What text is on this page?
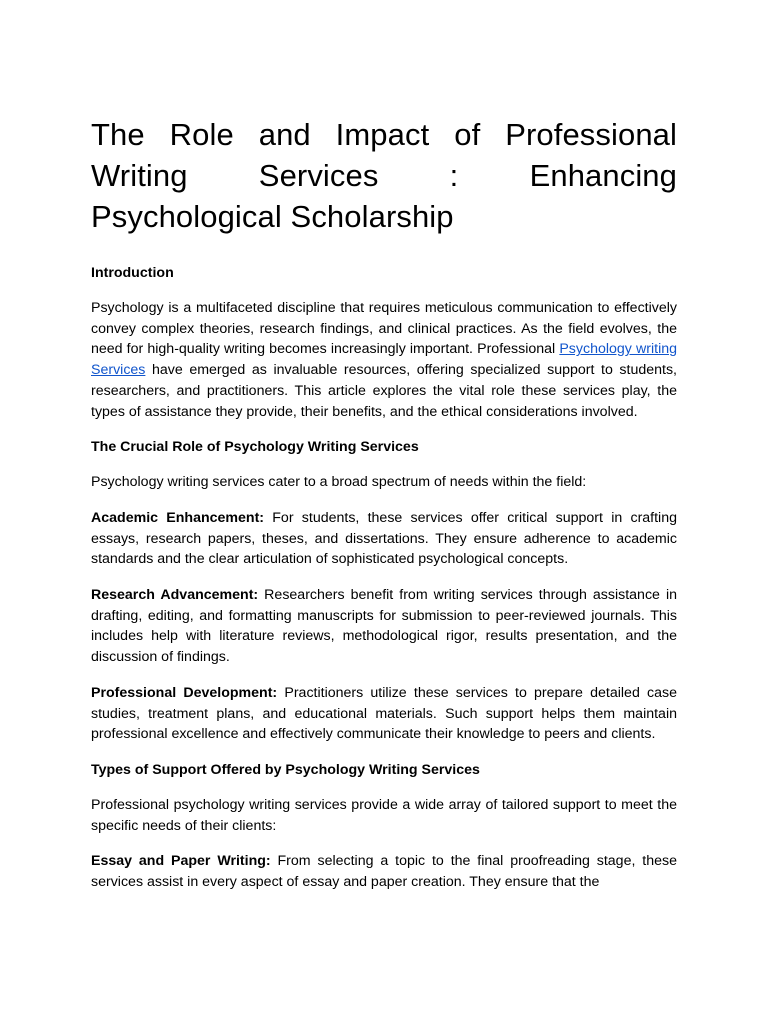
The Role and Impact of Professional Writing Services : Enhancing Psychological Scholarship
Introduction

Psychology is a multifaceted discipline that requires meticulous communication to effectively convey complex theories, research findings, and clinical practices. As the field evolves, the need for high-quality writing becomes increasingly important. Professional Psychology writing Services have emerged as invaluable resources, offering specialized support to students, researchers, and practitioners. This article explores the vital role these services play, the types of assistance they provide, their benefits, and the ethical considerations involved.

The Crucial Role of Psychology Writing Services

Psychology writing services cater to a broad spectrum of needs within the field:

Academic Enhancement: For students, these services offer critical support in crafting essays, research papers, theses, and dissertations. They ensure adherence to academic standards and the clear articulation of sophisticated psychological concepts.

Research Advancement: Researchers benefit from writing services through assistance in drafting, editing, and formatting manuscripts for submission to peer-reviewed journals. This includes help with literature reviews, methodological rigor, results presentation, and the discussion of findings.

Professional Development: Practitioners utilize these services to prepare detailed case studies, treatment plans, and educational materials. Such support helps them maintain professional excellence and effectively communicate their knowledge to peers and clients.

Types of Support Offered by Psychology Writing Services

Professional psychology writing services provide a wide array of tailored support to meet the specific needs of their clients:

Essay and Paper Writing: From selecting a topic to the final proofreading stage, these services assist in every aspect of essay and paper creation. They ensure that the
